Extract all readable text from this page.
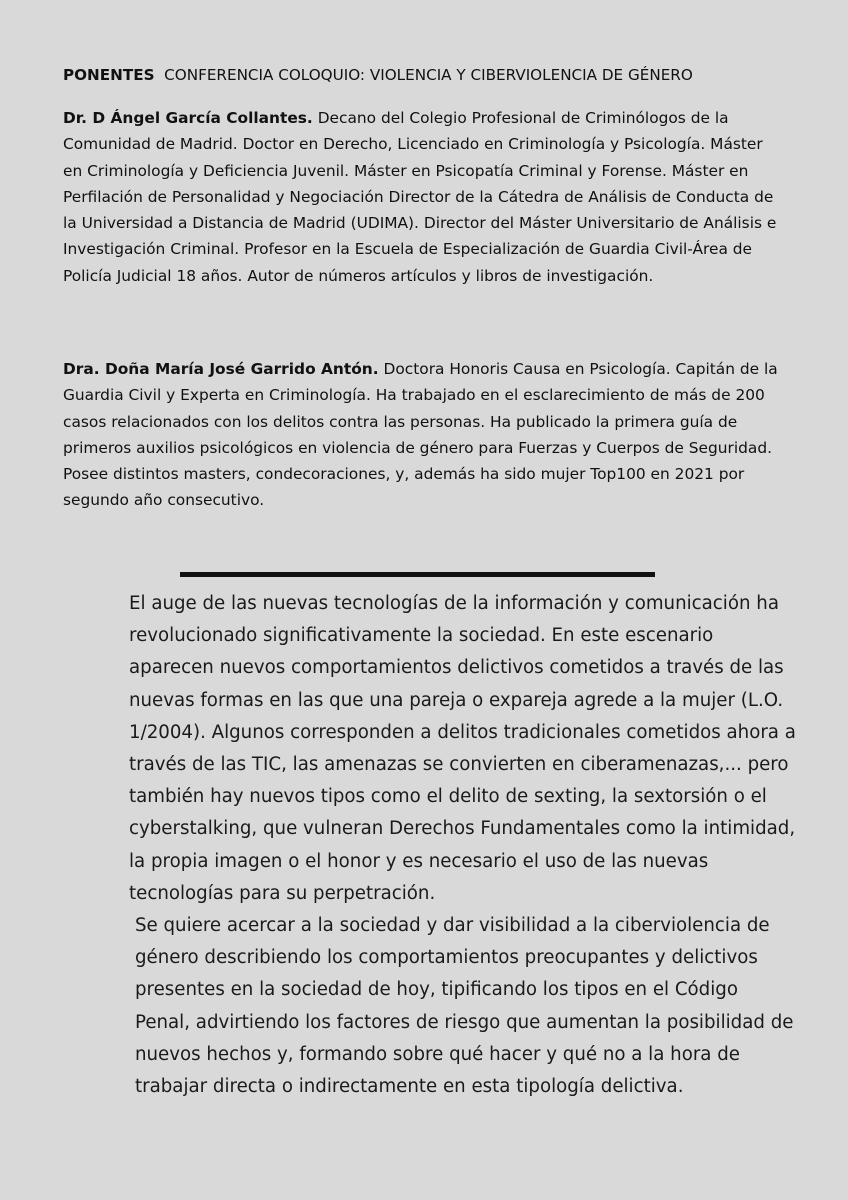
PONENTES CONFERENCIA COLOQUIO: VIOLENCIA Y CIBERVIOLENCIA DE GÉNERO
Dr. D Ángel García Collantes. Decano del Colegio Profesional de Criminólogos de la Comunidad de Madrid. Doctor en Derecho, Licenciado en Criminología y Psicología. Máster en Criminología y Deficiencia Juvenil. Máster en Psicopatía Criminal y Forense. Máster en Perfilación de Personalidad y Negociación Director de la Cátedra de Análisis de Conducta de la Universidad a Distancia de Madrid (UDIMA). Director del Máster Universitario de Análisis e Investigación Criminal. Profesor en la Escuela de Especialización de Guardia Civil-Área de Policía Judicial 18 años. Autor de números artículos y libros de investigación.
Dra. Doña María José Garrido Antón. Doctora Honoris Causa en Psicología. Capitán de la Guardia Civil y Experta en Criminología. Ha trabajado en el esclarecimiento de más de 200 casos relacionados con los delitos contra las personas. Ha publicado la primera guía de primeros auxilios psicológicos en violencia de género para Fuerzas y Cuerpos de Seguridad. Posee distintos masters, condecoraciones, y, además ha sido mujer Top100 en 2021 por segundo año consecutivo.

El auge de las nuevas tecnologías de la información y comunicación ha revolucionado significativamente la sociedad. En este escenario aparecen nuevos comportamientos delictivos cometidos a través de las nuevas formas en las que una pareja o expareja agrede a la mujer (L.O. 1/2004). Algunos corresponden a delitos tradicionales cometidos ahora a través de las TIC, las amenazas se convierten en ciberamenazas,... pero también hay nuevos tipos como el delito de sexting, la sextorsión o el cyberstalking, que vulneran Derechos Fundamentales como la intimidad, la propia imagen o el honor y es necesario el uso de las nuevas tecnologías para su perpetración.

Se quiere acercar a la sociedad y dar visibilidad a la ciberviolencia de género describiendo los comportamientos preocupantes y delictivos presentes en la sociedad de hoy, tipificando los tipos en el Código Penal, advirtiendo los factores de riesgo que aumentan la posibilidad de nuevos hechos y, formando sobre qué hacer y qué no a la hora de trabajar directa o indirectamente en esta tipología delictiva.
